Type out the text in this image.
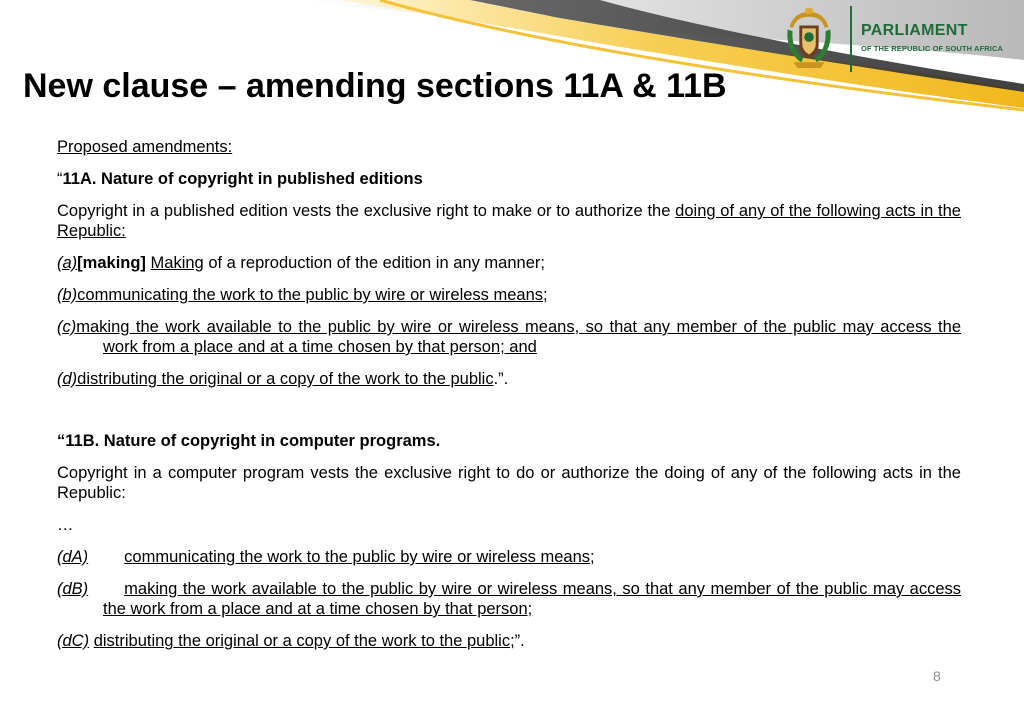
PARLIAMENT
OF THE REPUBLIC OF SOUTH AFRICA
New clause – amending sections 11A & 11B

Proposed amendments:

“11A. Nature of copyright in published editions

Copyright in a published edition vests the exclusive right to make or to authorize the doing of any of the following acts in the Republic:

(a)[making] Making of a reproduction of the edition in any manner;

(b)communicating the work to the public by wire or wireless means;

(c)making the work available to the public by wire or wireless means, so that any member of the public may access the work from a place and at a time chosen by that person; and

(d)distributing the original or a copy of the work to the public.”.

“11B. Nature of copyright in computer programs.

Copyright in a computer program vests the exclusive right to do or authorize the doing of any of the following acts in the Republic:

…

(dA) communicating the work to the public by wire or wireless means;

(dB) making the work available to the public by wire or wireless means, so that any member of the public may access the work from a place and at a time chosen by that person;

(dC) distributing the original or a copy of the work to the public;”.

8
